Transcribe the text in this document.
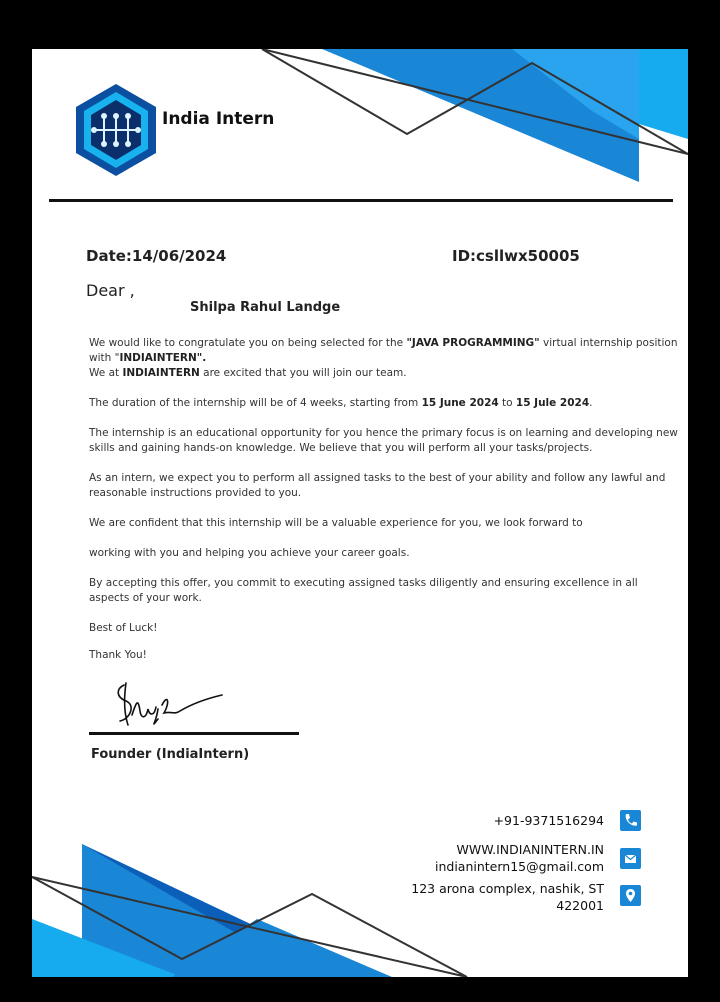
India Intern
Date:14/06/2024	ID:csllwx50005
Dear ,
Shilpa Rahul Landge

We would like to congratulate you on being selected for the "JAVA PROGRAMMING" virtual internship position with "INDIAINTERN".

We at INDIAINTERN are excited that you will join our team.

The duration of the internship will be of 4 weeks, starting from 15 June 2024 to 15 Jule 2024.

The internship is an educational opportunity for you hence the primary focus is on learning and developing new skills and gaining hands-on knowledge. We believe that you will perform all your tasks/projects.

As an intern, we expect you to perform all assigned tasks to the best of your ability and follow any lawful and reasonable instructions provided to you.

We are confident that this internship will be a valuable experience for you, we look forward to

working with you and helping you achieve your career goals.

By accepting this offer, you commit to executing assigned tasks diligently and ensuring excellence in all aspects of your work.

Best of Luck!

Thank You!

Founder (IndiaIntern)
+91-9371516294
WWW.INDIANINTERN.IN
indianintern15@gmail.com
123 arona complex, nashik, ST
422001
